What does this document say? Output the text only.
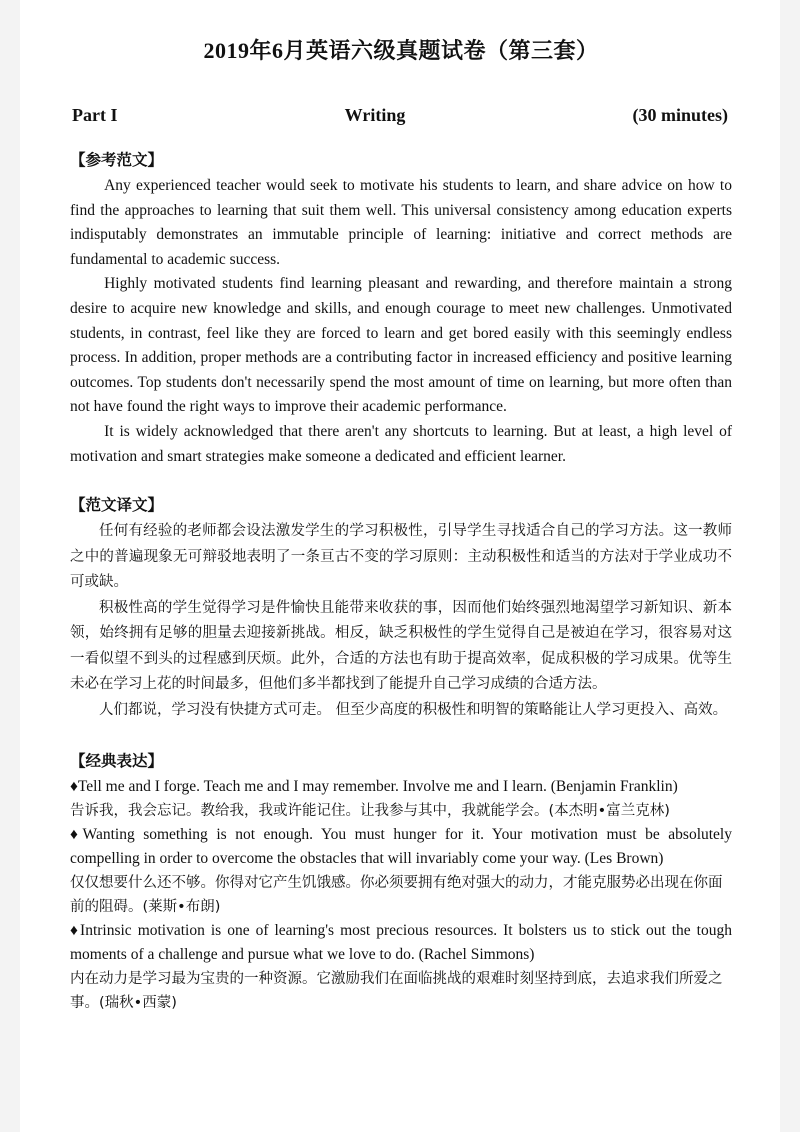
2019年6月英语六级真题试卷（第三套）
Part I	Writing	(30 minutes)
【参考范文】

Any experienced teacher would seek to motivate his students to learn, and share advice on how to find the approaches to learning that suit them well. This universal consistency among education experts indisputably demonstrates an immutable principle of learning: initiative and correct methods are fundamental to academic success.

Highly motivated students find learning pleasant and rewarding, and therefore maintain a strong desire to acquire new knowledge and skills, and enough courage to meet new challenges. Unmotivated students, in contrast, feel like they are forced to learn and get bored easily with this seemingly endless process. In addition, proper methods are a contributing factor in increased efficiency and positive learning outcomes. Top students don't necessarily spend the most amount of time on learning, but more often than not have found the right ways to improve their academic performance.

It is widely acknowledged that there aren't any shortcuts to learning. But at least, a high level of motivation and smart strategies make someone a dedicated and efficient learner.

【范文译文】

任何有经验的老师都会设法激发学生的学习积极性，引导学生寻找适合自己的学习方法。这一教师之中的普遍现象无可辩驳地表明了一条亘古不变的学习原则：主动积极性和适当的方法对于学业成功不可或缺。

积极性高的学生觉得学习是件愉快且能带来收获的事，因而他们始终强烈地渴望学习新知识、新本领，始终拥有足够的胆量去迎接新挑战。相反，缺乏积极性的学生觉得自己是被迫在学习，很容易对这一看似望不到头的过程感到厌烦。此外，合适的方法也有助于提高效率，促成积极的学习成果。优等生未必在学习上花的时间最多，但他们多半都找到了能提升自己学习成绩的合适方法。

人们都说，学习没有快捷方式可走。 但至少高度的积极性和明智的策略能让人学习更投入、高效。

【经典表达】

♦Tell me and I forge. Teach me and I may remember. Involve me and I learn. (Benjamin Franklin)

告诉我，我会忘记。教给我，我或许能记住。让我参与其中，我就能学会。(本杰明•富兰克林)

♦Wanting something is not enough. You must hunger for it. Your motivation must be absolutely compelling in order to overcome the obstacles that will invariably come your way. (Les Brown)

仅仅想要什么还不够。你得对它产生饥饿感。你必须要拥有绝对强大的动力，才能克服势必出现在你面前的阻碍。(莱斯•布朗)

♦Intrinsic motivation is one of learning's most precious resources. It bolsters us to stick out the tough moments of a challenge and pursue what we love to do. (Rachel Simmons)

内在动力是学习最为宝贵的一种资源。它激励我们在面临挑战的艰难时刻坚持到底，去追求我们所爱之事。(瑞秋•西蒙)
